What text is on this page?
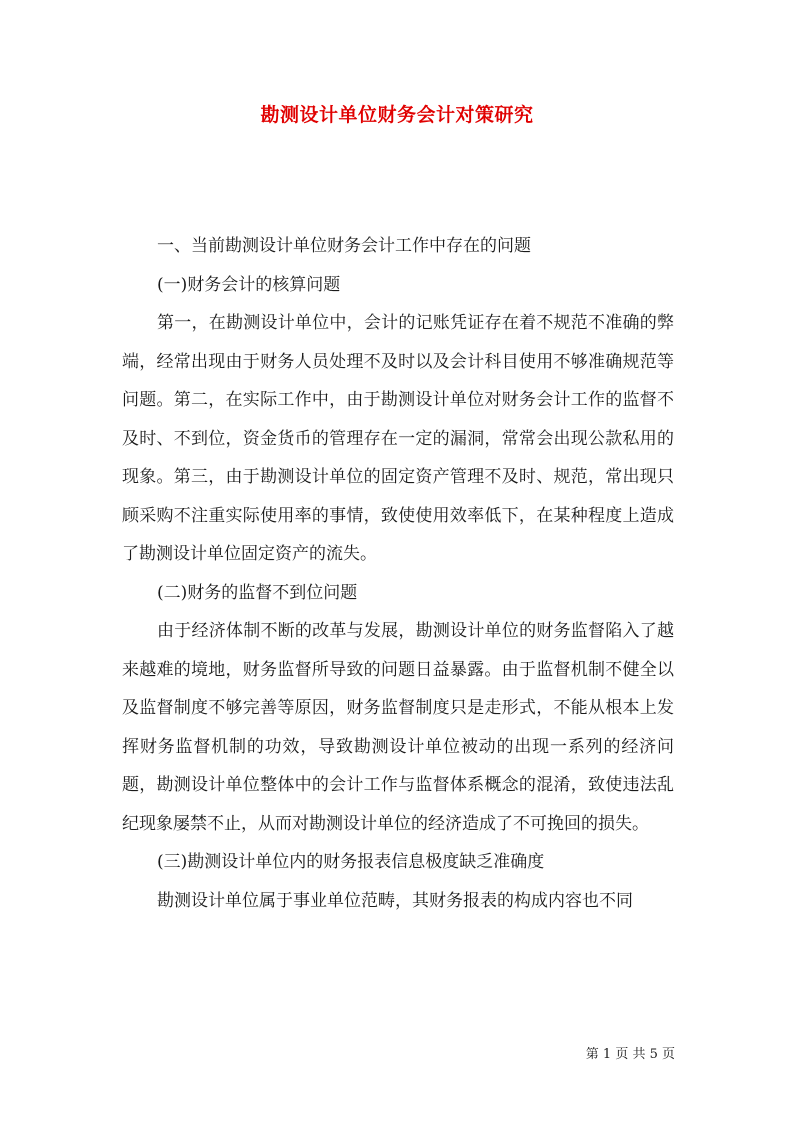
勘测设计单位财务会计对策研究

一、当前勘测设计单位财务会计工作中存在的问题

(一)财务会计的核算问题

第一，在勘测设计单位中，会计的记账凭证存在着不规范不准确的弊端，经常出现由于财务人员处理不及时以及会计科目使用不够准确规范等问题。第二，在实际工作中，由于勘测设计单位对财务会计工作的监督不及时、不到位，资金货币的管理存在一定的漏洞，常常会出现公款私用的现象。第三，由于勘测设计单位的固定资产管理不及时、规范，常出现只顾采购不注重实际使用率的事情，致使使用效率低下，在某种程度上造成了勘测设计单位固定资产的流失。

(二)财务的监督不到位问题

由于经济体制不断的改革与发展，勘测设计单位的财务监督陷入了越来越难的境地，财务监督所导致的问题日益暴露。由于监督机制不健全以及监督制度不够完善等原因，财务监督制度只是走形式，不能从根本上发挥财务监督机制的功效，导致勘测设计单位被动的出现一系列的经济问题，勘测设计单位整体中的会计工作与监督体系概念的混淆，致使违法乱纪现象屡禁不止，从而对勘测设计单位的经济造成了不可挽回的损失。

(三)勘测设计单位内的财务报表信息极度缺乏准确度

勘测设计单位属于事业单位范畴，其财务报表的构成内容也不同

第 1 页 共 5 页
